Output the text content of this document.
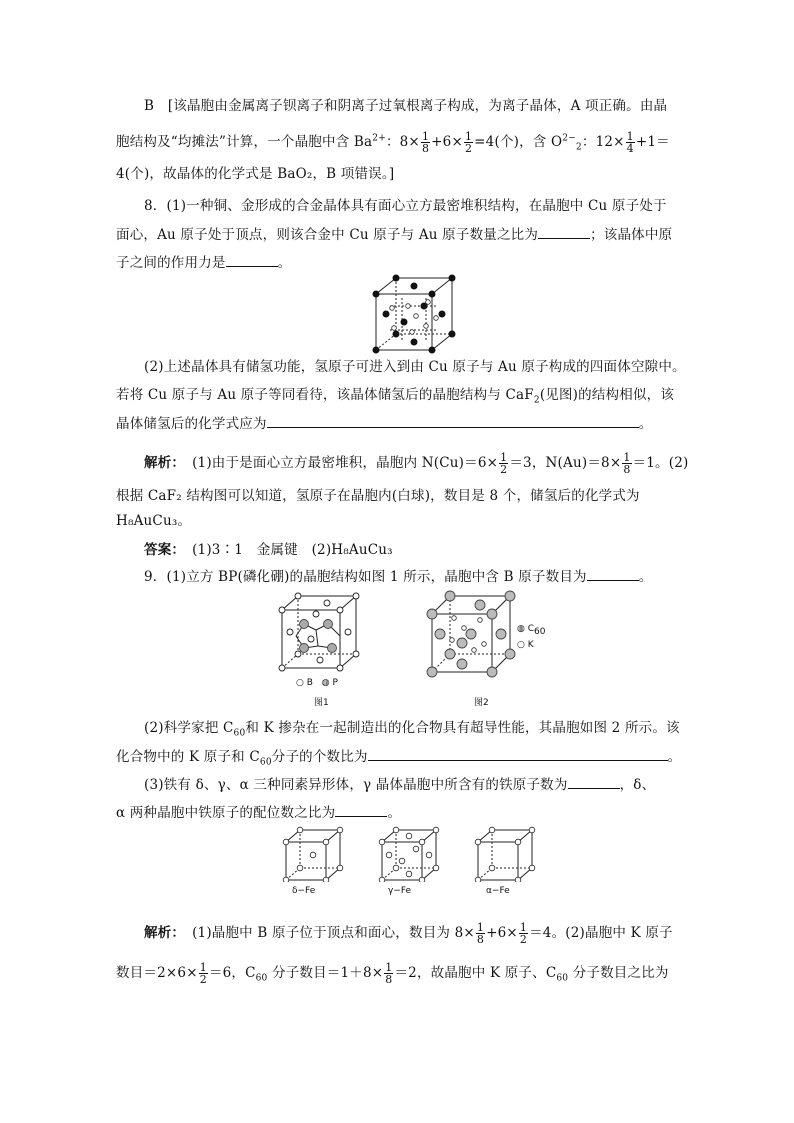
B　[该晶胞由金属离子钡离子和阴离子过氧根离子构成，为离子晶体，A 项正确。由晶
胞结构及“均摊法”计算，一个晶胞中含 $Ba^{2+}$：$8\times \frac{1}{8} +6\times \frac{1}{2} =4$(个)，含 $O^{2-}_2$：$12\times \frac{1}{4} +1=$
4(个)，故晶体的化学式是 BaO₂，B 项错误。]
8．(1)一种铜、金形成的合金晶体具有面心立方最密堆积结构，在晶胞中 Cu 原子处于
面心，Au 原子处于顶点，则该合金中 Cu 原子与 Au 原子数量之比为	；该晶体中原
子之间的作用力是	。
(2)上述晶体具有储氢功能，氢原子可进入到由 Cu 原子与 Au 原子构成的四面体空隙中。
若将 Cu 原子与 Au 原子等同看待，该晶体储氢后的晶胞结构与 CaF$_2$(见图)的结构相似，该
晶体储氢后的化学式应为	。
解析：　 (1)由于是面心立方最密堆积，晶胞内 $N(Cu)=6\times \frac{1}{2} =3$，$N(Au)=8\times \frac{1}{8} =1$。(2)
根据 CaF₂ 结构图可以知道，氢原子在晶胞内(白球)，数目是 8 个，储氢后的化学式为
H₈AuCu₃。
答案：　 (1)3∶1　金属键　(2)H₈AuCu₃
9．(1)立方 BP(磷化硼)的晶胞结构如图 1 所示，晶胞中含 B 原子数目为	。
○ B ◍ P
图1
◍ $C_{60}$
○ K
图2
(2)科学家把 $C_{60}$和 K 掺杂在一起制造出的化合物具有超导性能，其晶胞如图 2 所示。该
化合物中的 K 原子和 $C_{60}$分子的个数比为	。
(3)铁有 δ、γ、α 三种同素异形体，γ 晶体晶胞中所含有的铁原子数为	，δ、
α 两种晶胞中铁原子的配位数之比为	。
δ−Fe	γ−Fe	α−Fe
解析：　 (1)晶胞中 B 原子位于顶点和面心，数目为 $8\times \frac{1}{8} +6\times \frac{1}{2} =4$。(2)晶胞中 K 原子
数目$=2\times 6\times \frac{1}{2} =6$，$C_{60}$ 分子数目$=1+8\times \frac{1}{8} =2$，故晶胞中 K 原子、$C_{60}$ 分子数目之比为
